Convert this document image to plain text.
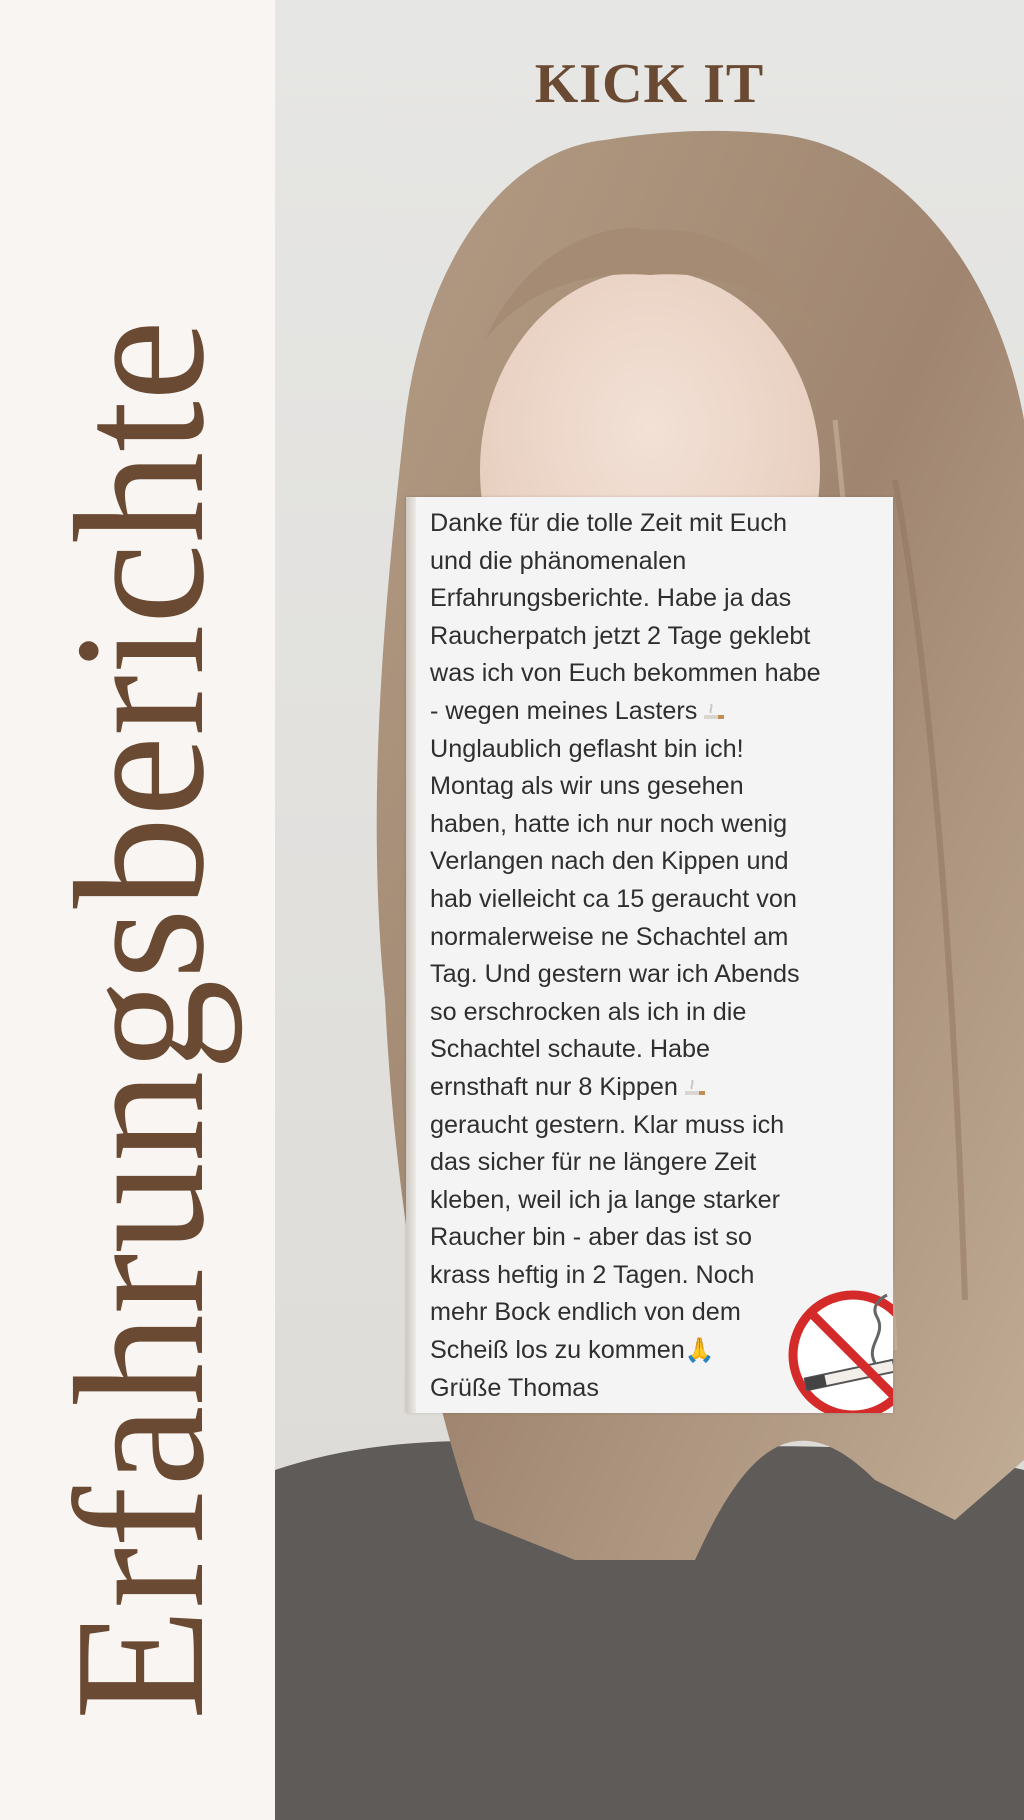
Erfahrungsberichte
KICK IT
Danke für die tolle Zeit mit Euch
und die phänomenalen
Erfahrungsberichte. Habe ja das
Raucherpatch jetzt 2 Tage geklebt
was ich von Euch bekommen habe
- wegen meines Lasters
Unglaublich geflasht bin ich!
Montag als wir uns gesehen
haben, hatte ich nur noch wenig
Verlangen nach den Kippen und
hab vielleicht ca 15 geraucht von
normalerweise ne Schachtel am
Tag. Und gestern war ich Abends
so erschrocken als ich in die
Schachtel schaute. Habe
ernsthaft nur 8 Kippen
geraucht gestern. Klar muss ich
das sicher für ne längere Zeit
kleben, weil ich ja lange starker
Raucher bin - aber das ist so
krass heftig in 2 Tagen. Noch
mehr Bock endlich von dem
Scheiß los zu kommen🙏
Grüße Thomas
